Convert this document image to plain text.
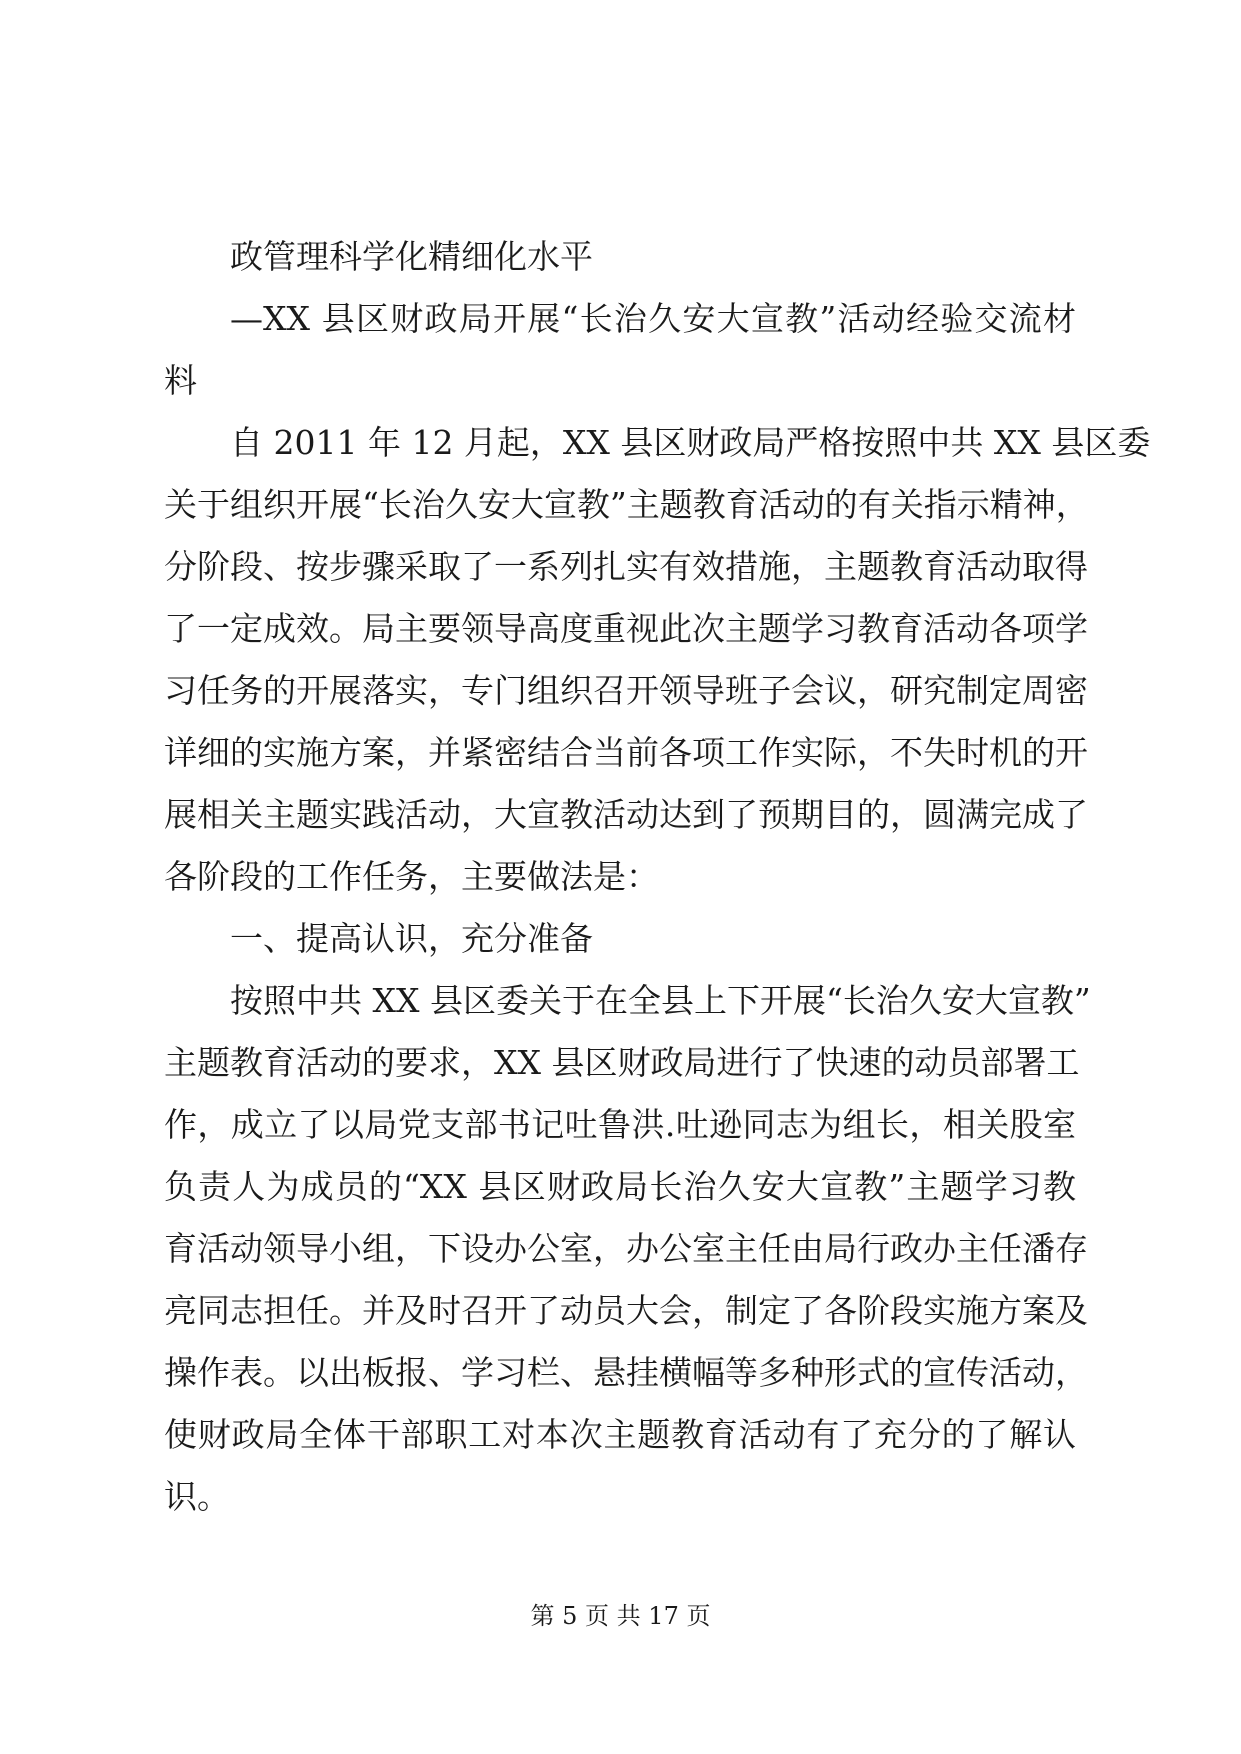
政管理科学化精细化水平
—XX 县区财政局开展“长治久安大宣教”活动经验交流材
料
自 2011 年 12 月起，XX 县区财政局严格按照中共 XX 县区委
关于组织开展“长治久安大宣教”主题教育活动的有关指示精神，
分阶段、按步骤采取了一系列扎实有效措施，主题教育活动取得
了一定成效。局主要领导高度重视此次主题学习教育活动各项学
习任务的开展落实，专门组织召开领导班子会议，研究制定周密
详细的实施方案，并紧密结合当前各项工作实际，不失时机的开
展相关主题实践活动，大宣教活动达到了预期目的，圆满完成了
各阶段的工作任务，主要做法是：
一、提高认识，充分准备
按照中共 XX 县区委关于在全县上下开展“长治久安大宣教”
主题教育活动的要求，XX 县区财政局进行了快速的动员部署工
作，成立了以局党支部书记吐鲁洪.吐逊同志为组长，相关股室
负责人为成员的“XX 县区财政局长治久安大宣教”主题学习教
育活动领导小组，下设办公室，办公室主任由局行政办主任潘存
亮同志担任。并及时召开了动员大会，制定了各阶段实施方案及
操作表。以出板报、学习栏、悬挂横幅等多种形式的宣传活动，
使财政局全体干部职工对本次主题教育活动有了充分的了解认
识。
第 5 页 共 17 页
